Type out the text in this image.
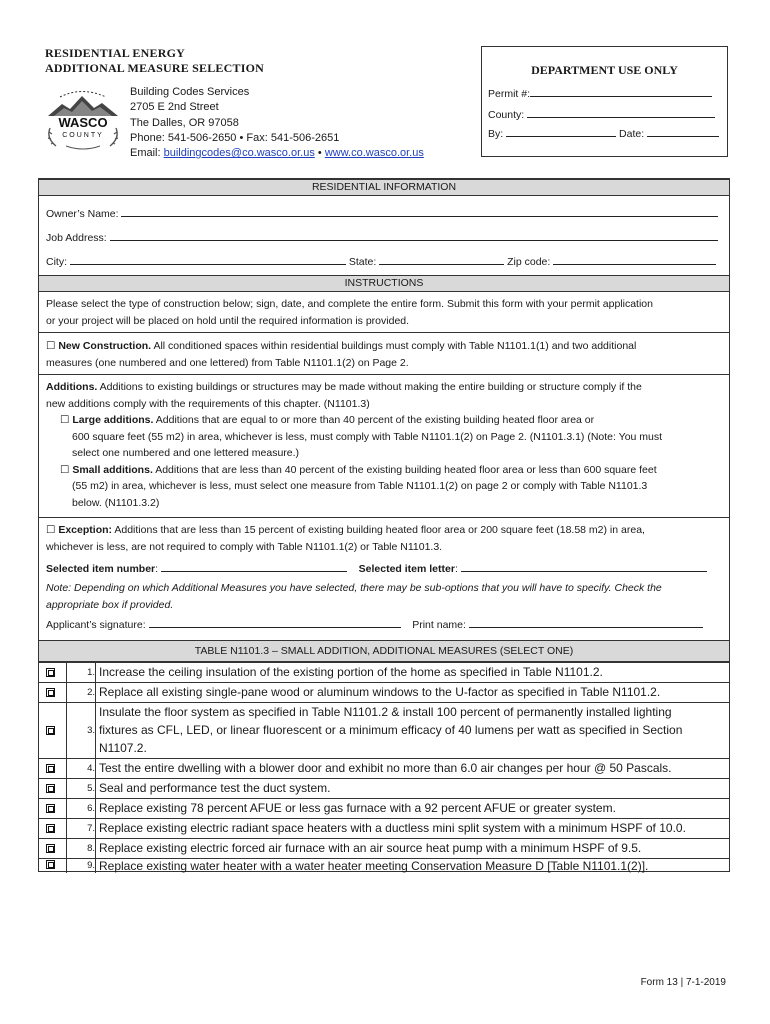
RESIDENTIAL ENERGY
ADDITIONAL MEASURE SELECTION
WASCO
COUNTY
Building Codes Services
2705 E 2nd Street
The Dalles, OR 97058
Phone: 541-506-2650 • Fax: 541-506-2651
Email: buildingcodes@co.wasco.or.us • www.co.wasco.or.us
DEPARTMENT USE ONLY
Permit #:
County:
By:	Date:
RESIDENTIAL INFORMATION
Owner’s Name:
Job Address:
City:	State:	Zip code:
INSTRUCTIONS
Please select the type of construction below; sign, date, and complete the entire form. Submit this form with your permit application
or your project will be placed on hold until the required information is provided.
☐ New Construction. All conditioned spaces within residential buildings must comply with Table N1101.1(1) and two additional
measures (one numbered and one lettered) from Table N1101.1(2) on Page 2.
Additions. Additions to existing buildings or structures may be made without making the entire building or structure comply if the
new additions comply with the requirements of this chapter. (N1101.3)
☐ Large additions. Additions that are equal to or more than 40 percent of the existing building heated floor area or
600 square feet (55 m2) in area, whichever is less, must comply with Table N1101.1(2) on Page 2. (N1101.3.1) (Note: You must
select one numbered and one lettered measure.)
☐ Small additions. Additions that are less than 40 percent of the existing building heated floor area or less than 600 square feet
(55 m2) in area, whichever is less, must select one measure from Table N1101.1(2) on page 2 or comply with Table N1101.3
below. (N1101.3.2)
☐ Exception: Additions that are less than 15 percent of existing building heated floor area or 200 square feet (18.58 m2) in area,
whichever is less, are not required to comply with Table N1101.1(2) or Table N1101.3.
Selected item number:	Selected item letter:
Note: Depending on which Additional Measures you have selected, there may be sub-options that you will have to specify. Check the
appropriate box if provided.
Applicant’s signature:	Print name:
TABLE N1101.3 – SMALL ADDITION, ADDITIONAL MEASURES (SELECT ONE)
1. Increase the ceiling insulation of the existing portion of the home as specified in Table N1101.2.
2. Replace all existing single-pane wood or aluminum windows to the U-factor as specified in Table N1101.2.
3.
Insulate the floor system as specified in Table N1101.2 & install 100 percent of permanently installed lighting
fixtures as CFL, LED, or linear fluorescent or a minimum efficacy of 40 lumens per watt as specified in Section
N1107.2.
4. Test the entire dwelling with a blower door and exhibit no more than 6.0 air changes per hour @ 50 Pascals.
5. Seal and performance test the duct system.
6. Replace existing 78 percent AFUE or less gas furnace with a 92 percent AFUE or greater system.
7. Replace existing electric radiant space heaters with a ductless mini split system with a minimum HSPF of 10.0.
8. Replace existing electric forced air furnace with an air source heat pump with a minimum HSPF of 9.5.
9. Replace existing water heater with a water heater meeting Conservation Measure D [Table N1101.1(2)].
Form 13 | 7-1-2019
